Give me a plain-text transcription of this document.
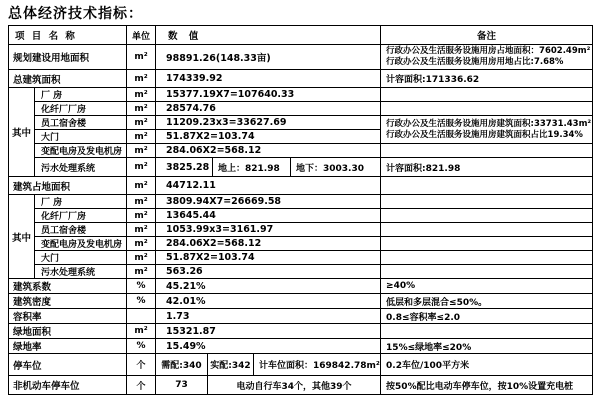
总体经济技术指标：
项 目 名 称		单位	数 值					备注
规划建设用地面积		m²	98891.26(148.33亩)					行政办公及生活服务设施用房占地面积：7602.49m²
行政办公及生活服务设施用房用地占比:7.68%

总建筑面积		m²	174339.92					计容面积:171336.62
其中	厂 房	m²	15377.19X7=107640.33					
	化纤厂厂房	m²	28574.76					
	员工宿舍楼	m²	11209.23x3=33627.69					行政办公及生活服务设施用房建筑面积:33731.43m²
行政办公及生活服务设施用房建筑面积占比19.34%

	大门	m²	51.87X2=103.74					
	变配电房及发电机房	m²	284.06X2=568.12					
	污水处理系统	m²	3825.28		地上：821.98		地下：3003.30	计容面积:821.98
建筑占地面积		m²	44712.11					
其中	厂 房	m²	3809.94X7=26669.58					
	化纤厂厂房	m²	13645.44					
	员工宿舍楼	m²	1053.99x3=3161.97					
	变配电房及发电机房	m²	284.06X2=568.12					
	大门	m²	51.87X2=103.74					
	污水处理系统	m²	563.26					
建筑系数		%	45.21%					≥40%
建筑密度		%	42.01%					低层和多层混合≤50%。
容积率			1.73					0.8≤容积率≤2.0
绿地面积		m²	15321.87					
绿地率		%	15.49%					15%≤绿地率≤20%
停车位		个	需配:340	实配:342		计车位面积：169842.78m²		0.2车位/100平方米
非机动车停车位		个	73	电动自行车34个，其他39个				按50%配比电动车停车位，按10%设置充电桩
